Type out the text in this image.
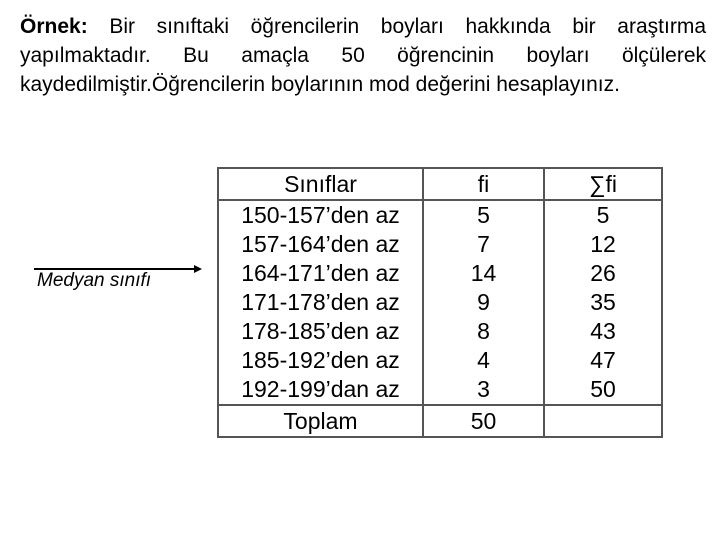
Örnek: Bir sınıftaki öğrencilerin boyları hakkında bir araştırma yapılmaktadır. Bu amaçla 50 öğrencinin boyları ölçülerek kaydedilmiştir.Öğrencilerin boylarının mod değerini hesaplayınız.

Medyan sınıfı
Sınıflar	fi	∑fi
150-157’den az	5	5
157-164’den az	7	12
164-171’den az	14	26
171-178’den az	9	35
178-185’den az	8	43
185-192’den az	4	47
192-199’dan az	3	50
Toplam	50	
